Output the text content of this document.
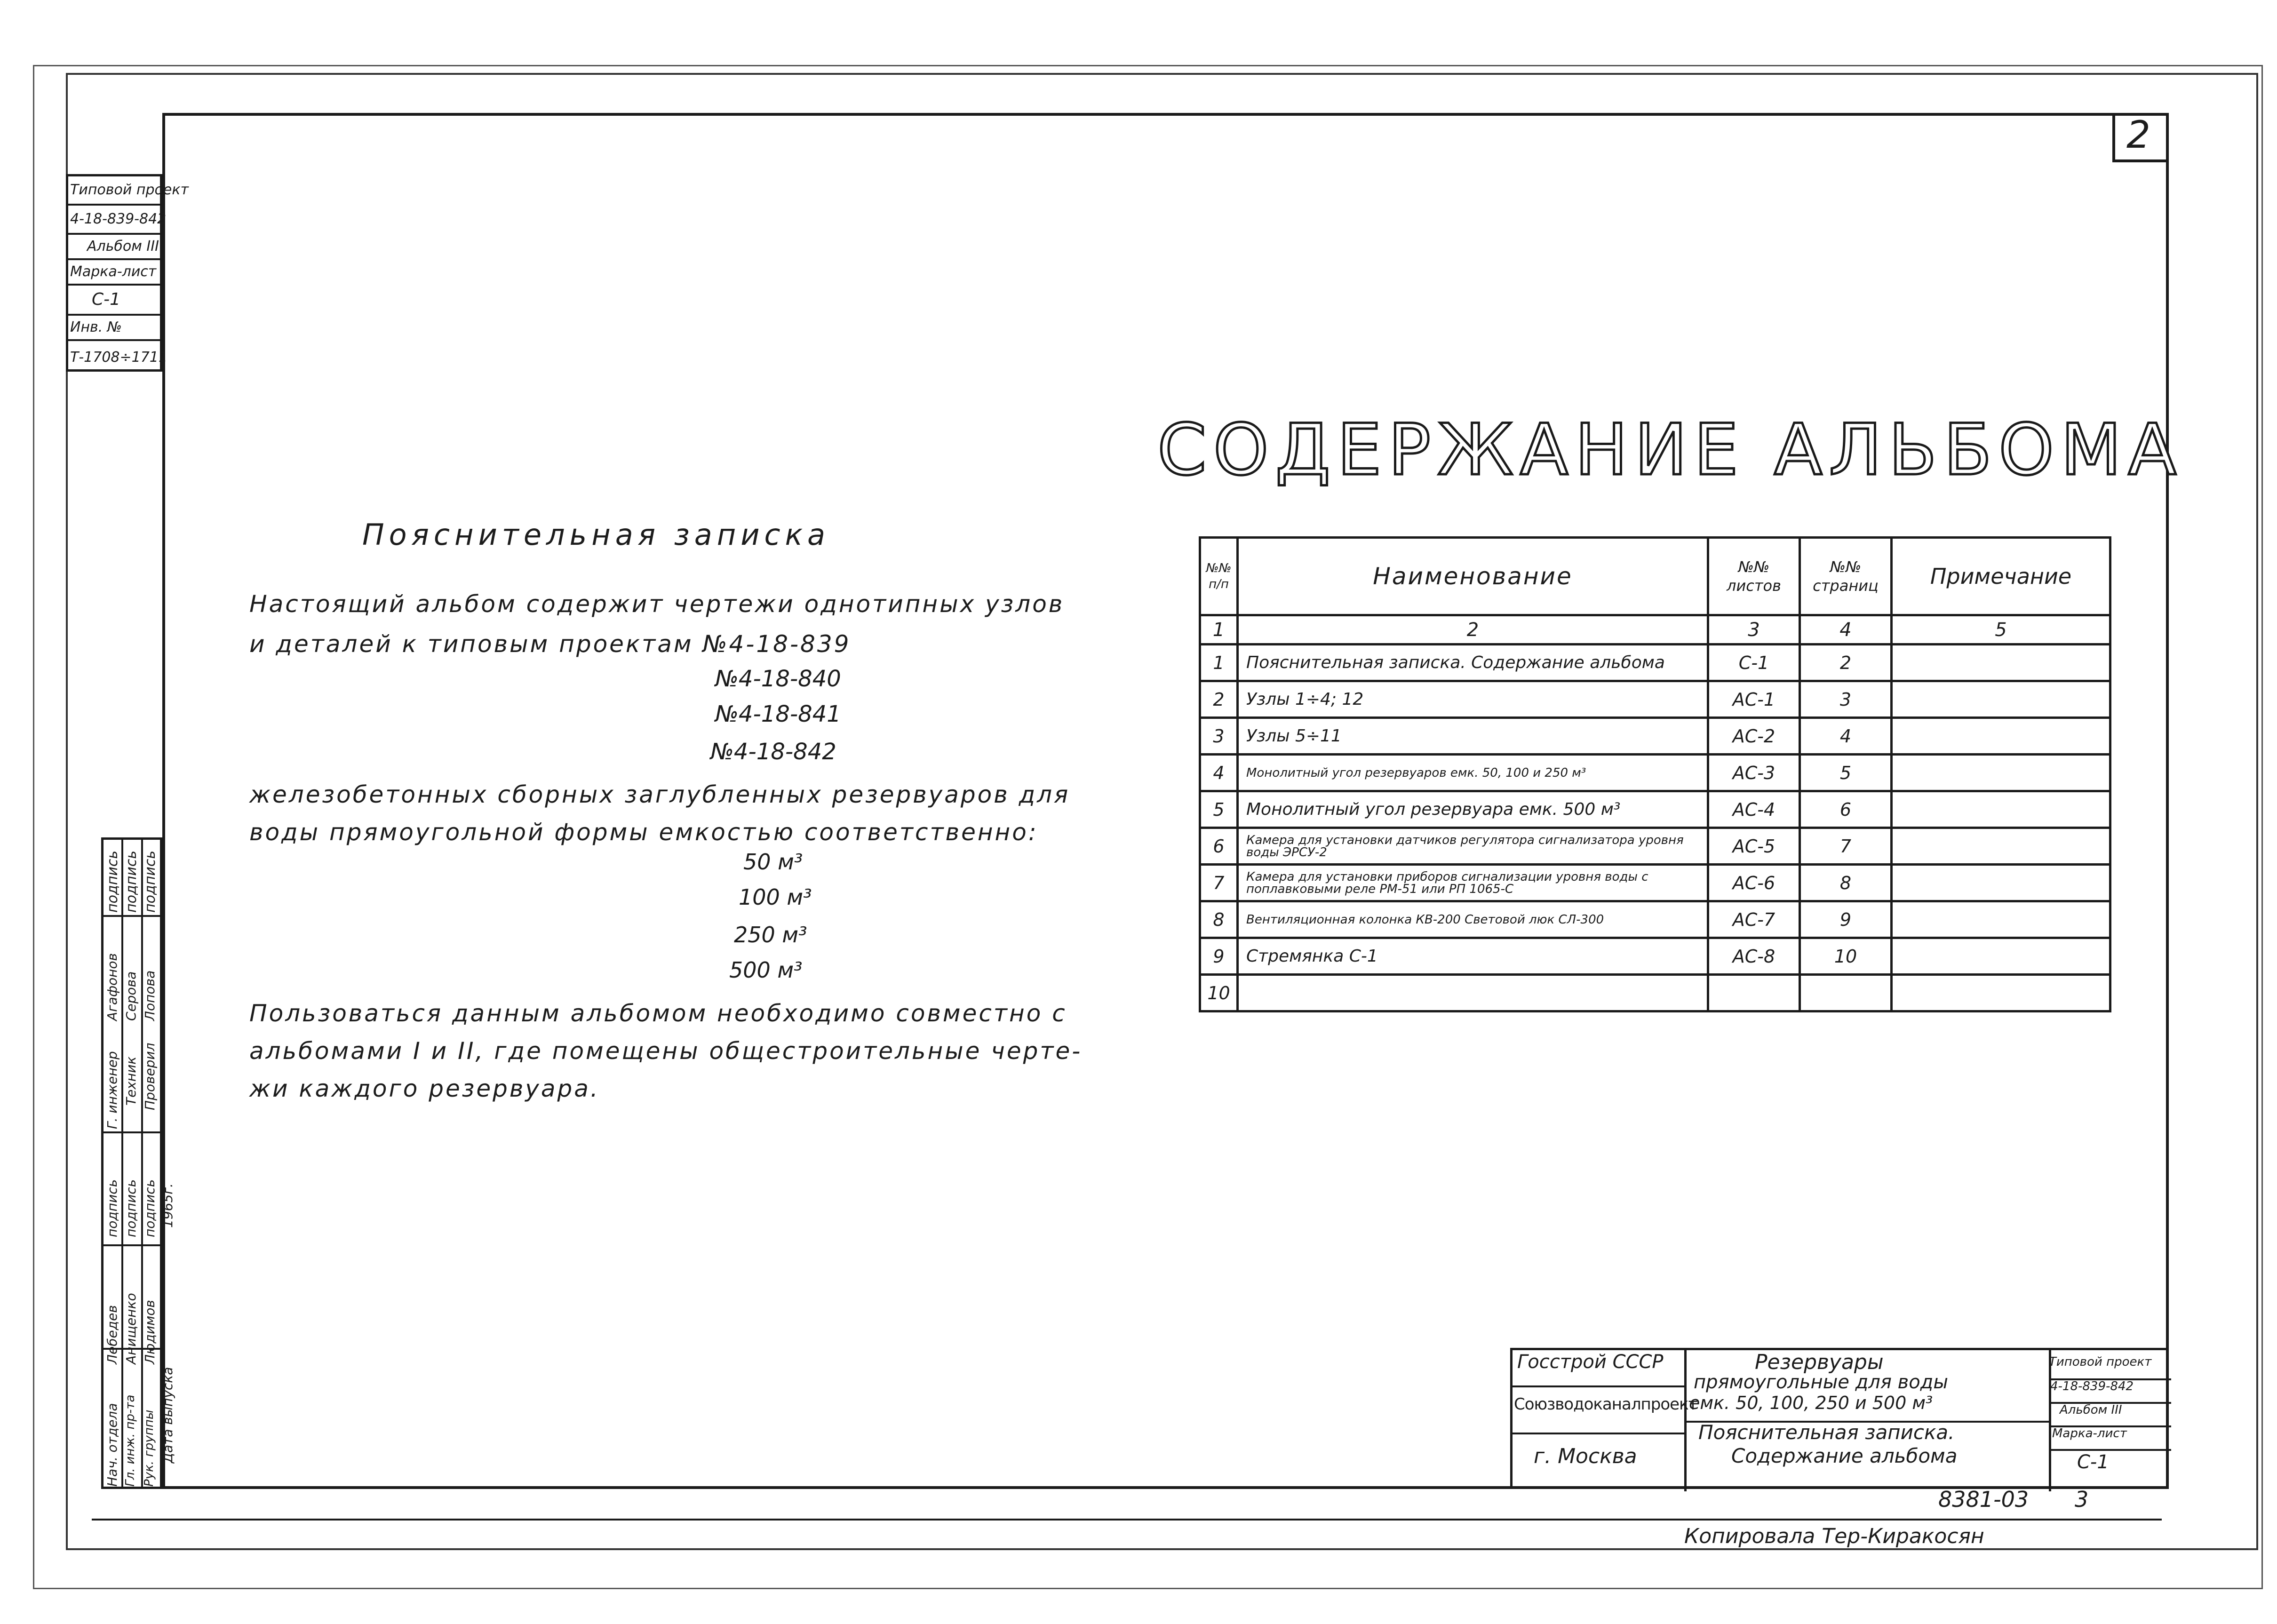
2
Типовой проект
4-18-839-842
Альбом III
Марка-лист
С-1
Инв. №
Т-1708÷1711
подпись подпись подпись
Г. инженер
Агафонов
Техник
Серова
Проверил
Лопова
Нач. отдела
Лебедев
подпись
Гл. инж. пр-та
Анищенко
подпись
Рук. группы
Людимов
подпись 1965г.
Дата выпуска
СОДЕРЖАНИЕ АЛЬБОМА
Пояснительная записка
Настоящий альбом содержит чертежи однотипных узлов
и деталей к типовым проектам №4-18-839
№4-18-840
№4-18-841
№4-18-842
железобетонных сборных заглубленных резервуаров для
воды прямоугольной формы емкостью соответственно:
50 м³
100 м³
250 м³
500 м³
Пользоваться данным альбомом необходимо совместно с
альбомами I и II, где помещены общестроительные черте-
жи каждого резервуара.
№№ п/п	Наименование	№№ листов	№№ страниц	Примечание
1	2	3	4	5
1	Пояснительная записка. Содержание альбома	С-1	2	
2	Узлы 1÷4; 12	АС-1	3	
3	Узлы 5÷11	АС-2	4	
4	Монолитный угол резервуаров емк. 50, 100 и 250 м³	АС-3	5	
5	Монолитный угол резервуара емк. 500 м³	АС-4	6	
6	Камера для установки датчиков регулятора сигнализатора уровня воды ЭРСУ-2	АС-5	7	
7	Камера для установки приборов сигнализации уровня воды с поплавковыми реле РМ-51 или РП 1065-С	АС-6	8	
8	Вентиляционная колонка КВ-200 Световой люк СЛ-300	АС-7	9	
9	Стремянка С-1	АС-8	10	
10				
Госстрой СССР
Союзводоканалпроект
г. Москва
Резервуары
прямоугольные для воды
емк. 50, 100, 250 и 500 м³
Пояснительная записка.
Содержание альбома
Типовой проект
4-18-839-842
Альбом III
Марка-лист
С-1
8381-03 3
Копировала Тер-Киракосян
